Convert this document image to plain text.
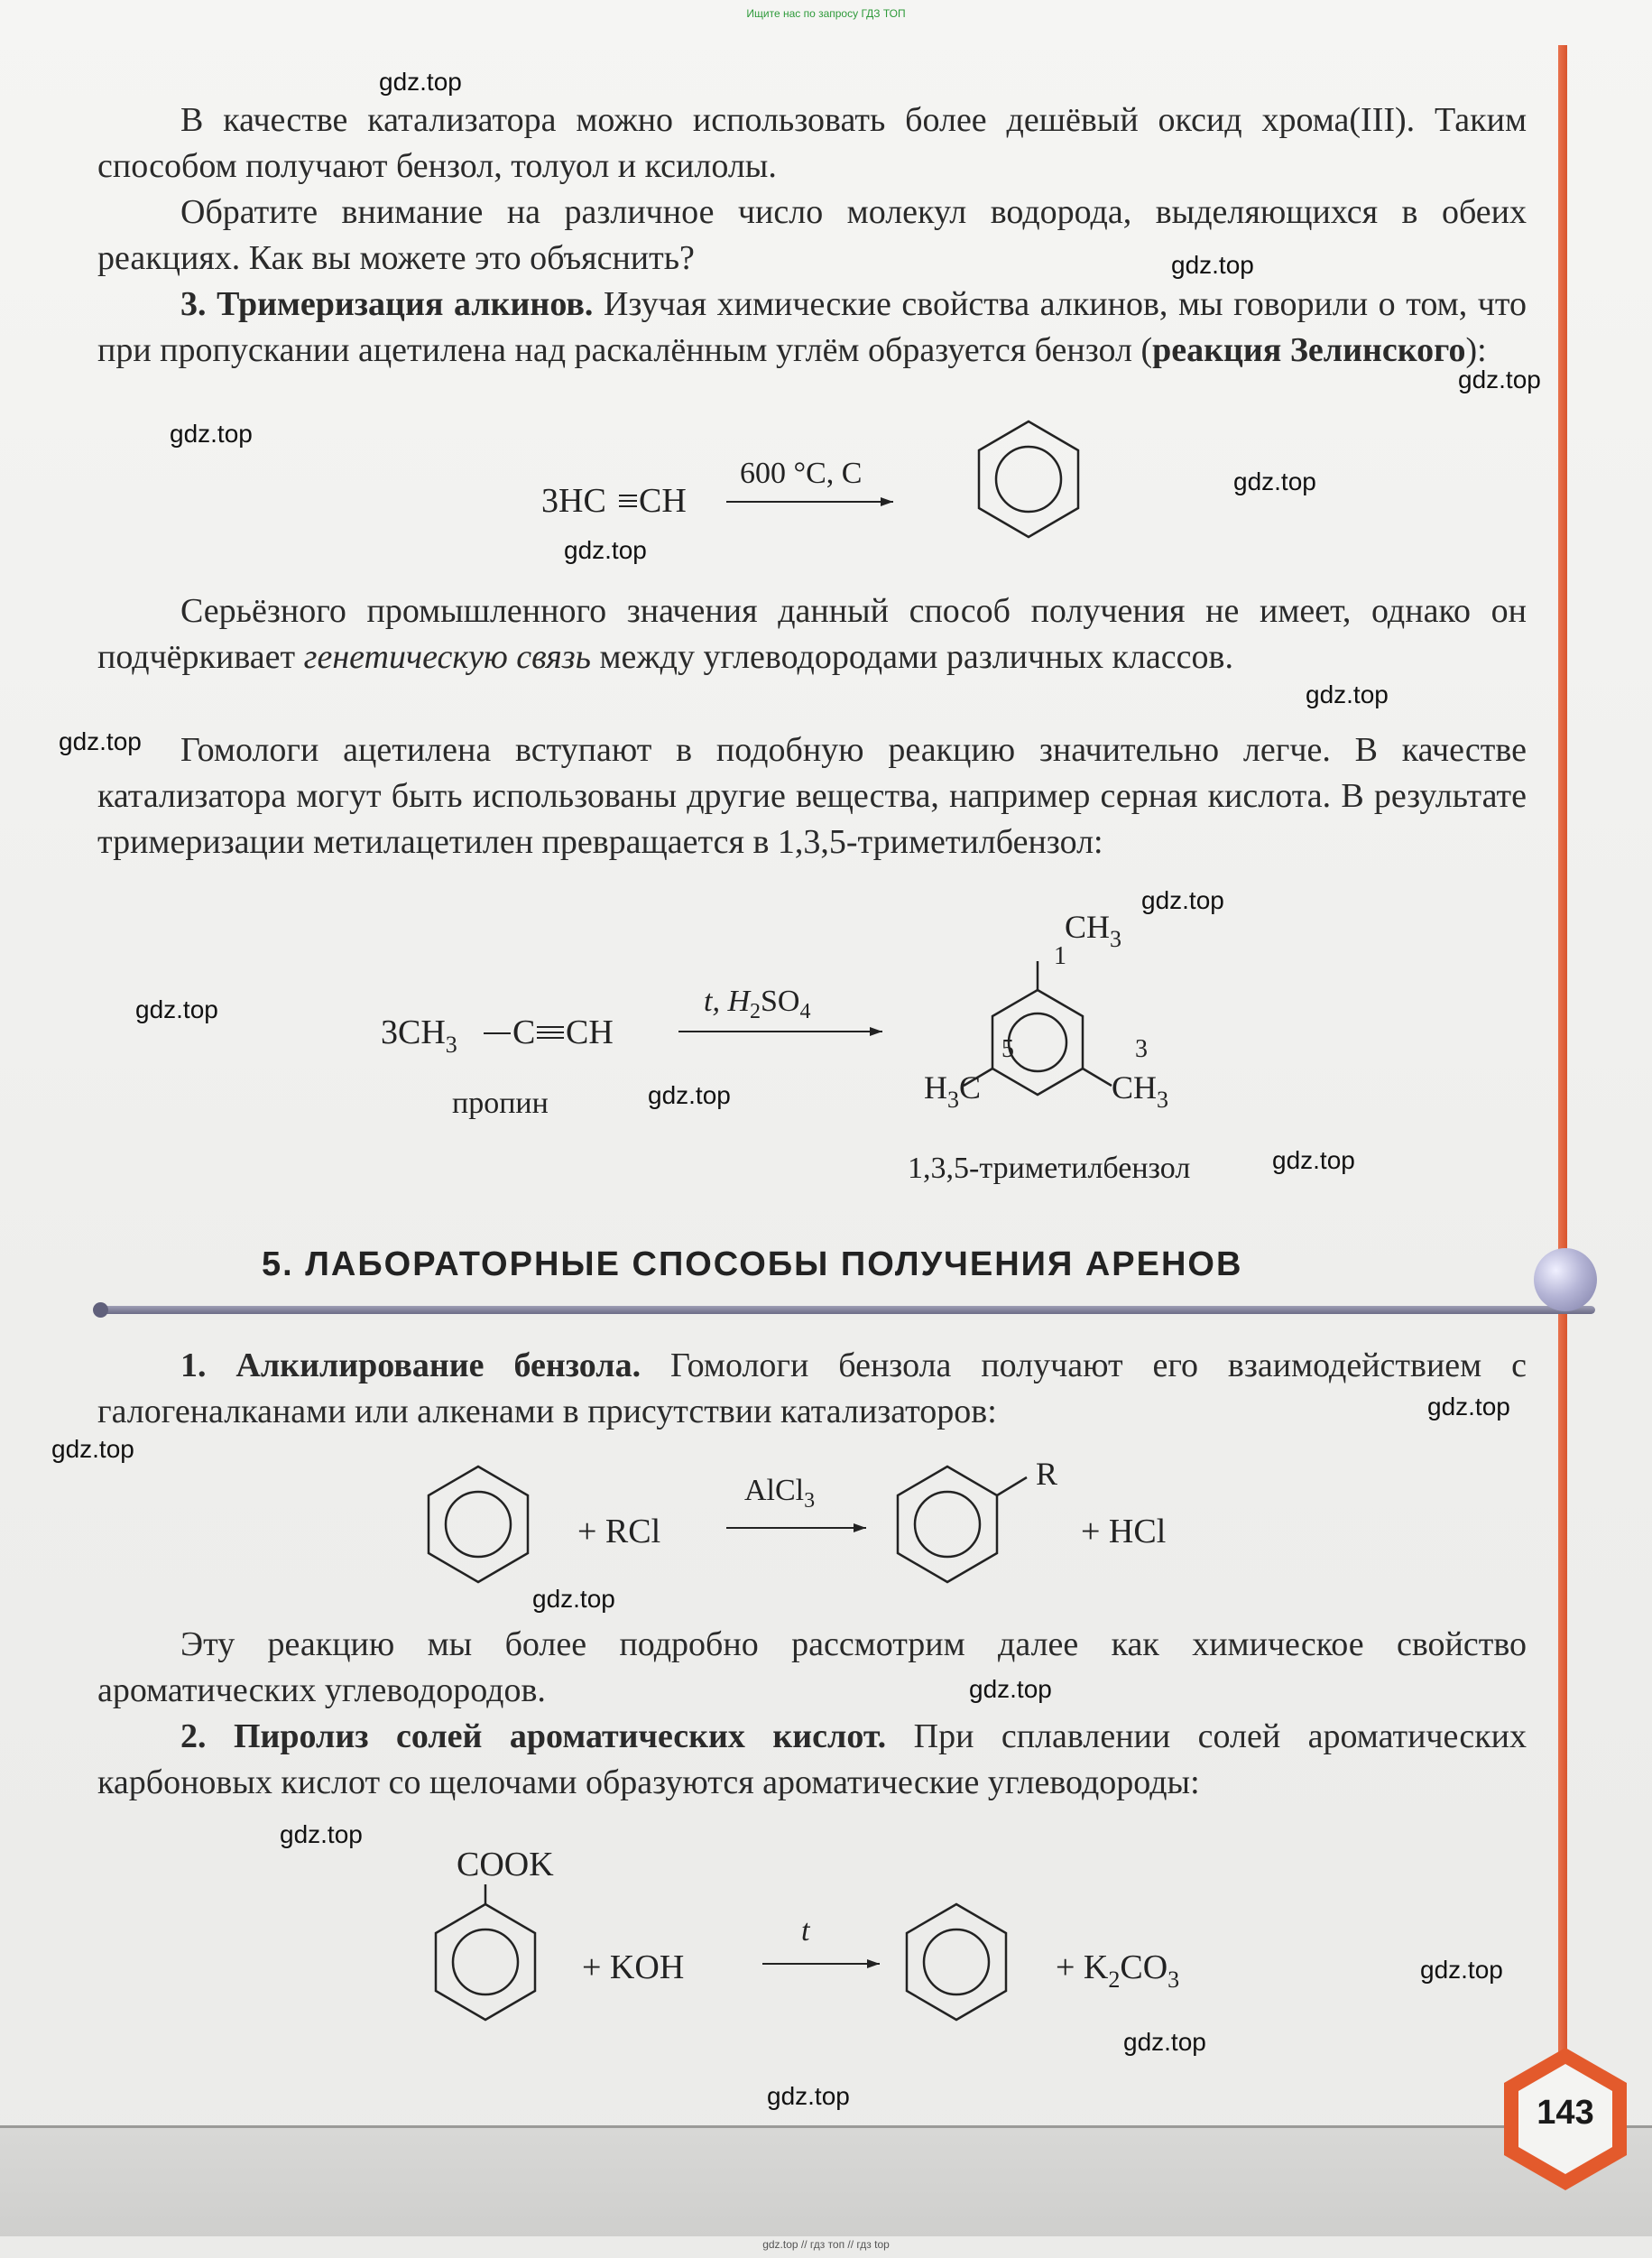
Ищите нас по запросу ГДЗ ТОП
В качестве катализатора можно использовать более дешёвый оксид хрома(III). Таким способом получают бензол, толуол и ксилолы.
Обратите внимание на различное число молекул водорода, выделяющихся в обеих реакциях. Как вы можете это объяснить?
3. Тримеризация алкинов. Изучая химические свойства алкинов, мы говорили о том, что при пропускании ацетилена над раскалённым углём образуется бензол (реакция Зелинского):
3HC CH
600 °C, C
Серьёзного промышленного значения данный способ получения не имеет, однако он подчёркивает генетическую связь между углеводородами различных классов.
Гомологи ацетилена вступают в подобную реакцию значительно легче. В качестве катализатора могут быть использованы другие вещества, например серная кислота. В результате тримеризации метилацетилен превращается в 1,3,5-триметилбензол:
$3CH_3$ C CH
пропин
t, $H_2SO_4$
$CH_3$
$CH_3$
$H_3C$
1
3
5
1,3,5-триметилбензол
5. ЛАБОРАТОРНЫЕ СПОСОБЫ ПОЛУЧЕНИЯ АРЕНОВ
1. Алкилирование бензола. Гомологи бензола получают его взаимодействием с галогеналканами или алкенами в присутствии катализаторов:
+ RCl
AlCl$_3$
R
+ HCl
Эту реакцию мы более подробно рассмотрим далее как химическое свойство ароматических углеводородов.
2. Пиролиз солей ароматических кислот. При сплавлении солей ароматических карбоновых кислот со щелочами образуются ароматические углеводороды:
COOK
+ KOH
t
+ $K_2CO_3$
gdz.top
gdz.top
gdz.top
gdz.top
gdz.top
gdz.top
gdz.top
gdz.top
gdz.top
gdz.top
gdz.top
gdz.top
gdz.top
gdz.top
gdz.top
gdz.top
gdz.top
gdz.top
gdz.top
gdz.top	143
gdz.top // гдз топ // гдз top
